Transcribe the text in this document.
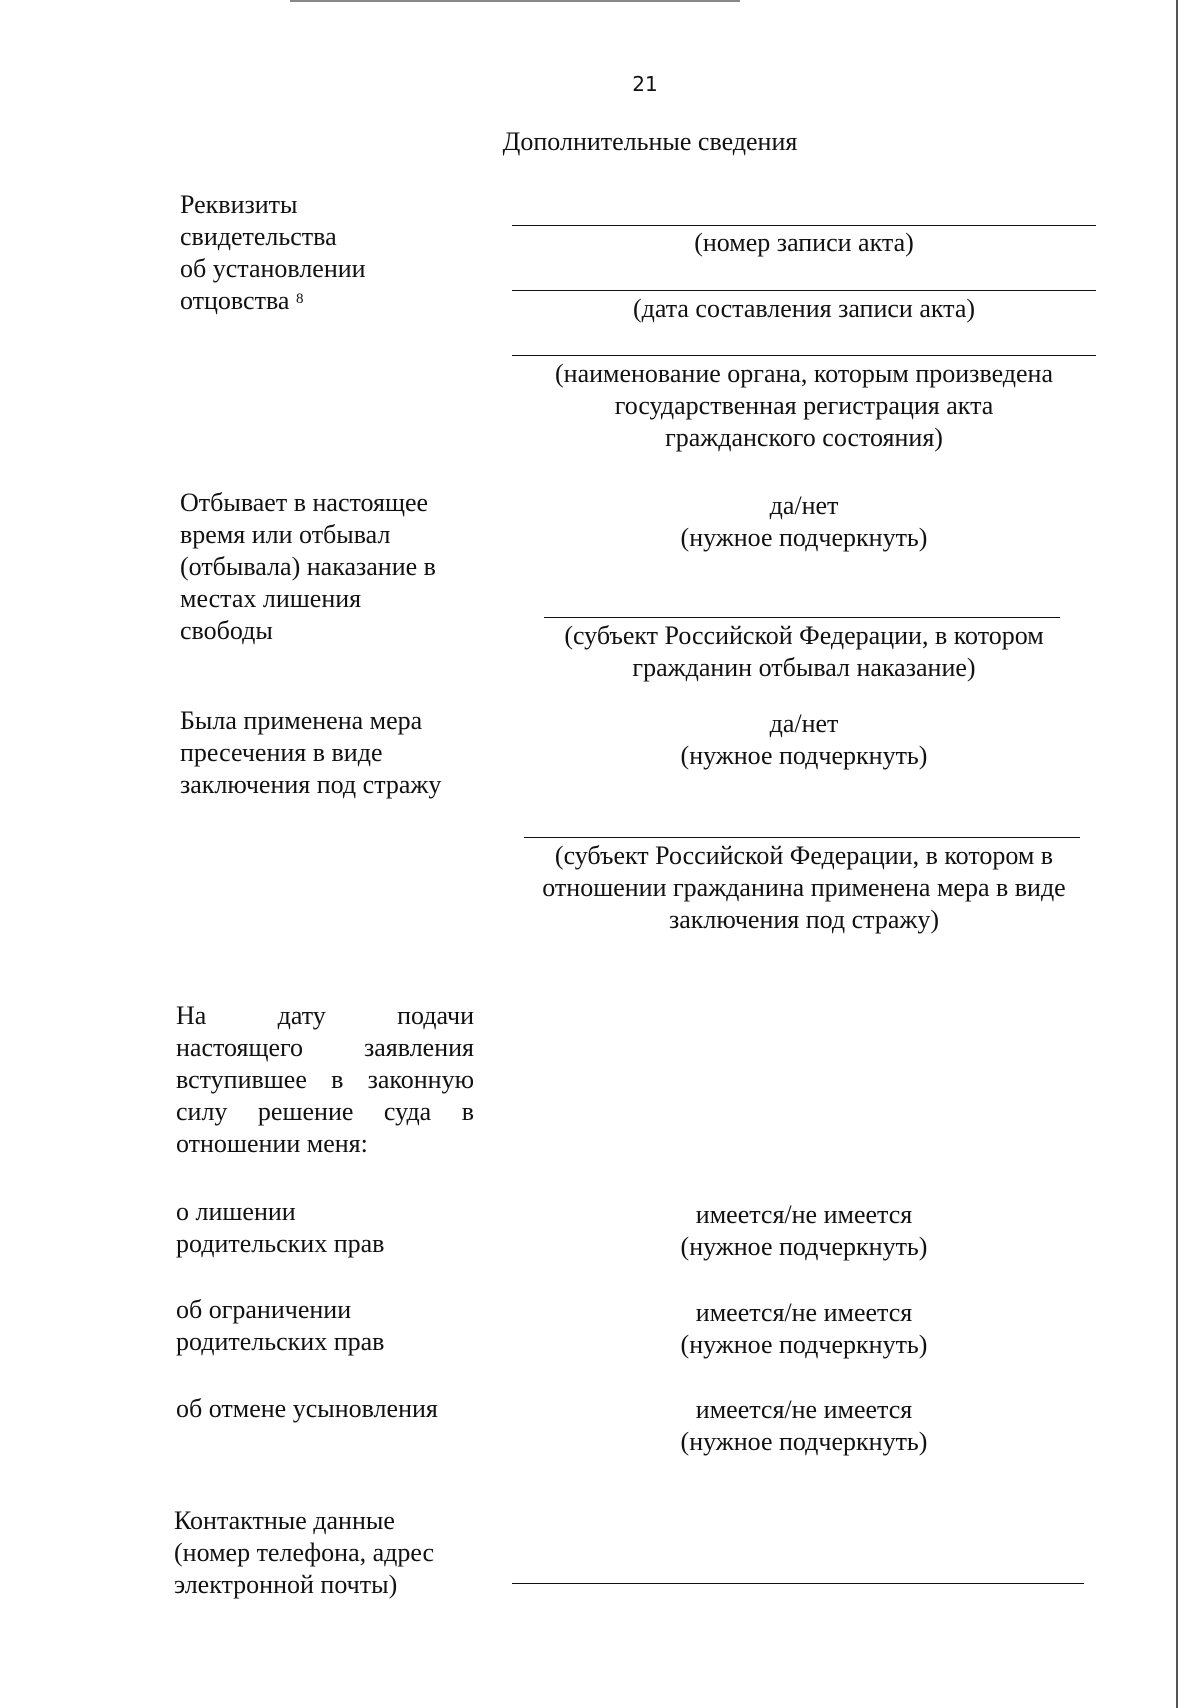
21
Дополнительные сведения
Реквизиты
свидетельства
об установлении
отцовства $^8$
(номер записи акта)
(дата составления записи акта)
(наименование органа, которым произведена
государственная регистрация акта
гражданского состояния)
Отбывает в настоящее
время или отбывал
(отбывала) наказание в
местах лишения
свободы
да/нет
(нужное подчеркнуть)
(субъект Российской Федерации, в котором
гражданин отбывал наказание)
Была применена мера
пресечения в виде
заключения под стражу
да/нет
(нужное подчеркнуть)
(субъект Российской Федерации, в котором в
отношении гражданина применена мера в виде
заключения под стражу)
На дату подачи
настоящего заявления
вступившее в законную
силу решение суда в
отношении меня:
о лишении
родительских прав
имеется/не имеется
(нужное подчеркнуть)
об ограничении
родительских прав
имеется/не имеется
(нужное подчеркнуть)
об отмене усыновления	имеется/не имеется
(нужное подчеркнуть)
Контактные данные
(номер телефона, адрес
электронной почты)
